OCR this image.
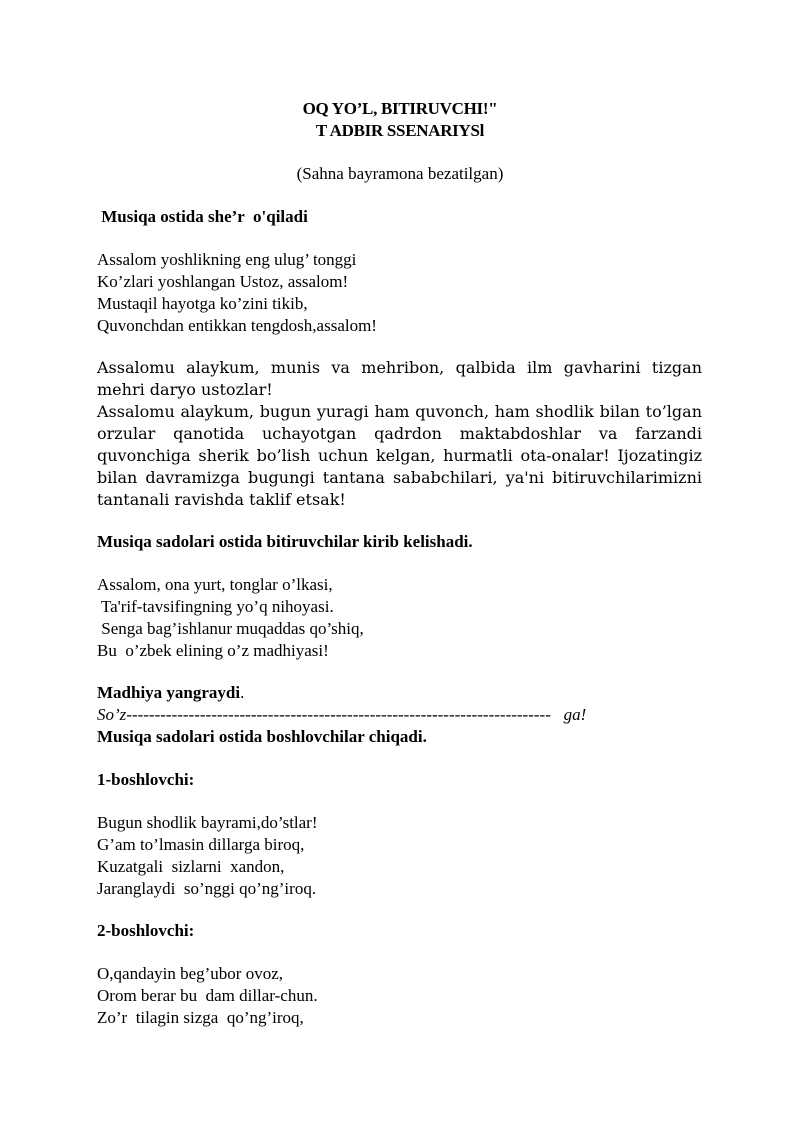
OQ YO’L, BITIRUVCHI!"
T ADBIR SSENARIYSl
(Sahna bayramona bezatilgan)
Musiqa ostida she’r  o'qiladi
Assalom yoshlikning eng ulug’ tonggi
Ko’zlari yoshlangan Ustoz, assalom!
Mustaqil hayotga ko’zini tikib,
Quvonchdan entikkan tengdosh,assalom!
Assalomu alaykum, munis va mehribon, qalbida ilm gavharini tizgan mehri daryo ustozlar!
Assalomu alaykum, bugun yuragi ham quvonch, ham shodlik bilan to’lgan orzular qanotida uchayotgan qadrdon maktabdoshlar va farzandi quvonchiga sherik bo’lish uchun kelgan, hurmatli ota-onalar! Ijozatingiz bilan davramizga bugungi tantana sababchilari, ya'ni bitiruvchilarimizni tantanali ravishda taklif etsak!
Musiqa sadolari ostida bitiruvchilar kirib kelishadi.
Assalom, ona yurt, tonglar o’lkasi,
Ta'rif-tavsifingning yo’q nihoyasi.
Senga bag’ishlanur muqaddas qo’shiq,
Bu  o’zbek elining o’z madhiyasi!
Madhiya yangraydi.
So’z---------------------------------------------------------------------------   ga!
Musiqa sadolari ostida boshlovchilar chiqadi.
1-boshlovchi:
Bugun shodlik bayrami,do’stlar!
G’am to’lmasin dillarga biroq,
Kuzatgali  sizlarni  xandon,
Jaranglaydi  so’nggi qo’ng’iroq.
2-boshlovchi:
O,qandayin beg’ubor ovoz,
Orom berar bu  dam dillar-chun.
Zo’r  tilagin sizga  qo’ng’iroq,
